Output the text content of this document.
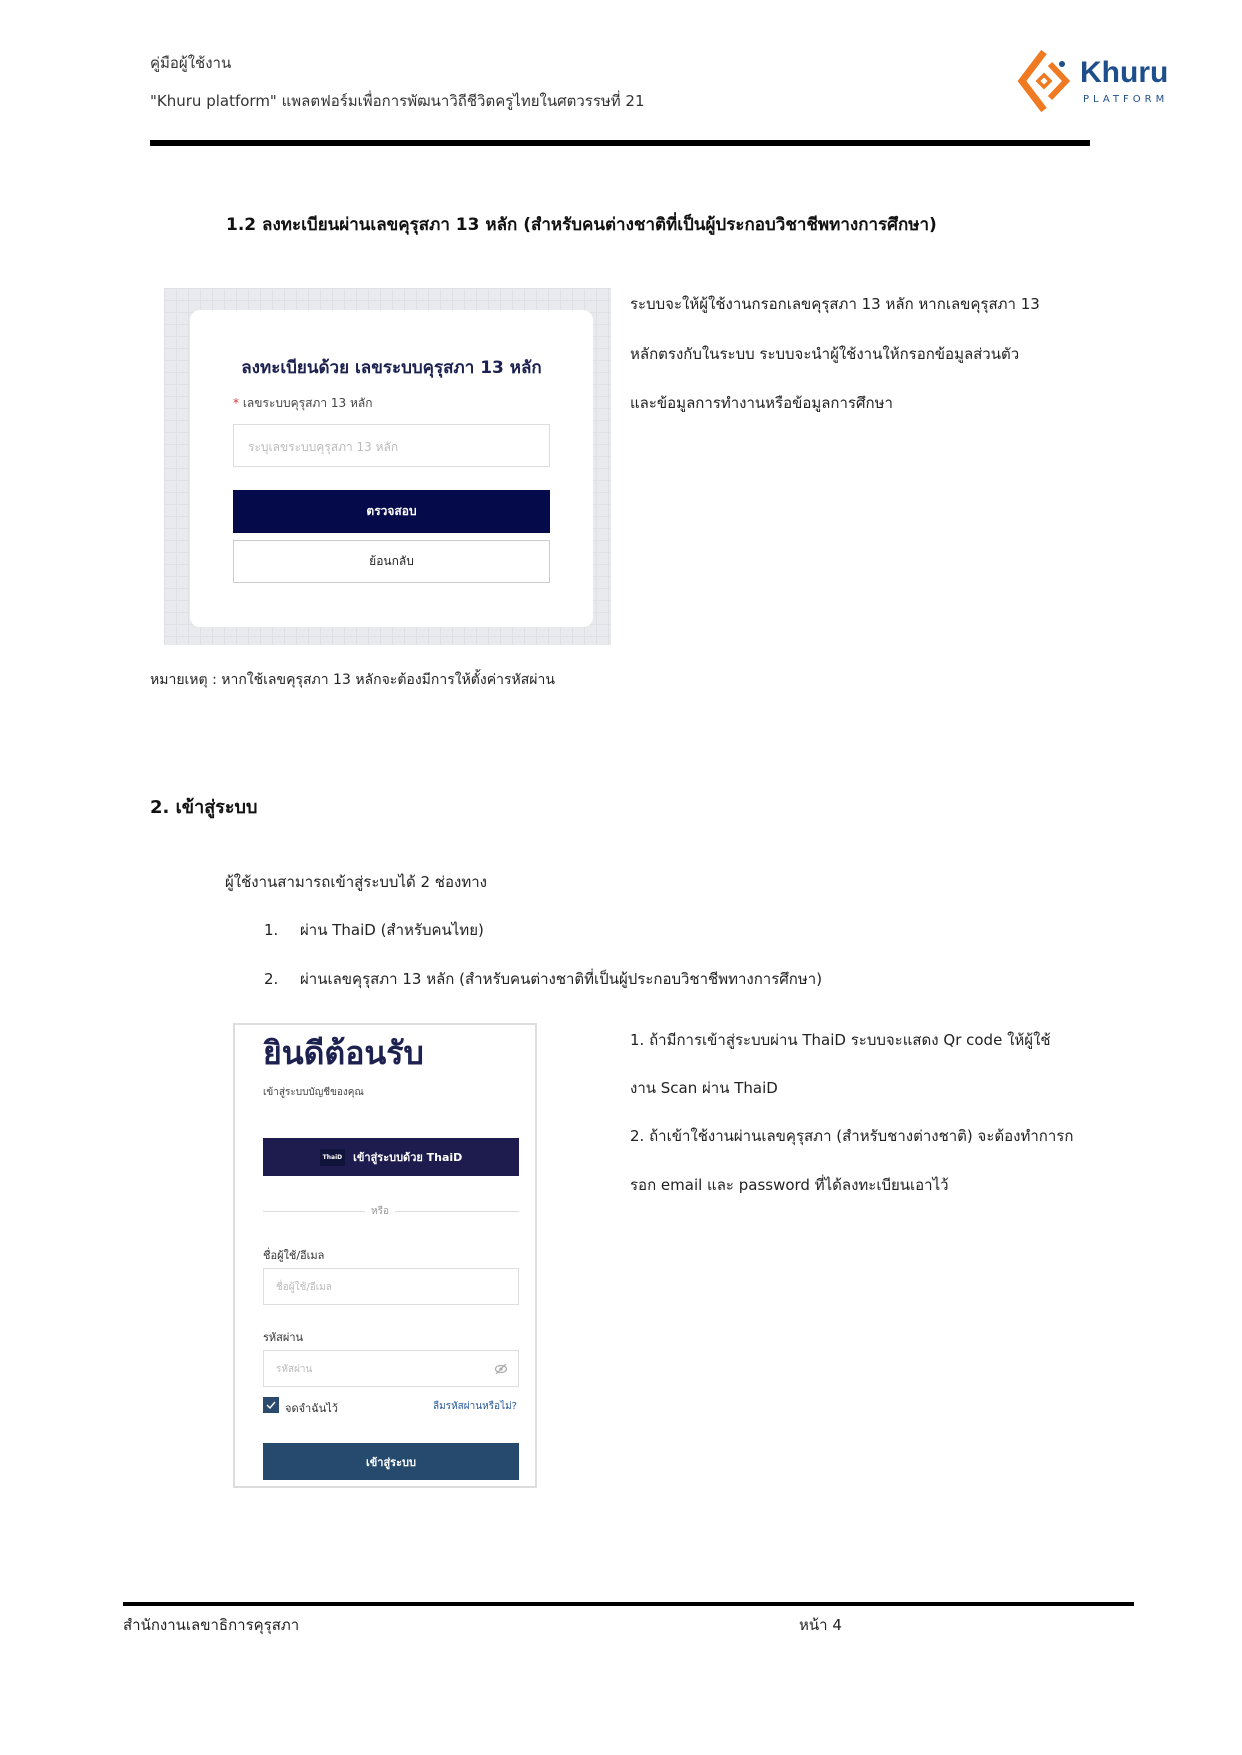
คู่มือผู้ใช้งาน
"Khuru platform" แพลตฟอร์มเพื่อการพัฒนาวิถีชีวิตครูไทยในศตวรรษที่ 21
Khuru
PLATFORM
1.2 ลงทะเบียนผ่านเลขคุรุสภา 13 หลัก (สำหรับคนต่างชาติที่เป็นผู้ประกอบวิชาชีพทางการศึกษา)
ลงทะเบียนด้วย เลขระบบคุรุสภา 13 หลัก
* เลขระบบคุรุสภา 13 หลัก
ระบุเลขระบบคุรุสภา 13 หลัก
ตรวจสอบ
ย้อนกลับ
ระบบจะให้ผู้ใช้งานกรอกเลขคุรุสภา 13 หลัก หากเลขคุรุสภา 13
หลักตรงกับในระบบ ระบบจะนำผู้ใช้งานให้กรอกข้อมูลส่วนตัว
และข้อมูลการทำงานหรือข้อมูลการศึกษา
หมายเหตุ : หากใช้เลขคุรุสภา 13 หลักจะต้องมีการให้ตั้งค่ารหัสผ่าน
2. เข้าสู่ระบบ
ผู้ใช้งานสามารถเข้าสู่ระบบได้ 2 ช่องทาง
1. ผ่าน ThaiD (สำหรับคนไทย)
2. ผ่านเลขคุรุสภา 13 หลัก (สำหรับคนต่างชาติที่เป็นผู้ประกอบวิชาชีพทางการศึกษา)
ยินดีต้อนรับ
เข้าสู่ระบบบัญชีของคุณ
ThaiD เข้าสู่ระบบด้วย ThaiD
หรือ
ชื่อผู้ใช้/อีเมล
ชื่อผู้ใช้/อีเมล
รหัสผ่าน
รหัสผ่าน
จดจำฉันไว้	ลืมรหัสผ่านหรือไม่?
เข้าสู่ระบบ
1. ถ้ามีการเข้าสู่ระบบผ่าน ThaiD ระบบจะแสดง Qr code ให้ผู้ใช้
งาน Scan ผ่าน ThaiD
2. ถ้าเข้าใช้งานผ่านเลขคุรุสภา (สำหรับชางต่างชาติ) จะต้องทำการก
รอก email และ password ที่ได้ลงทะเบียนเอาไว้
สำนักงานเลขาธิการคุรุสภา	หน้า 4
